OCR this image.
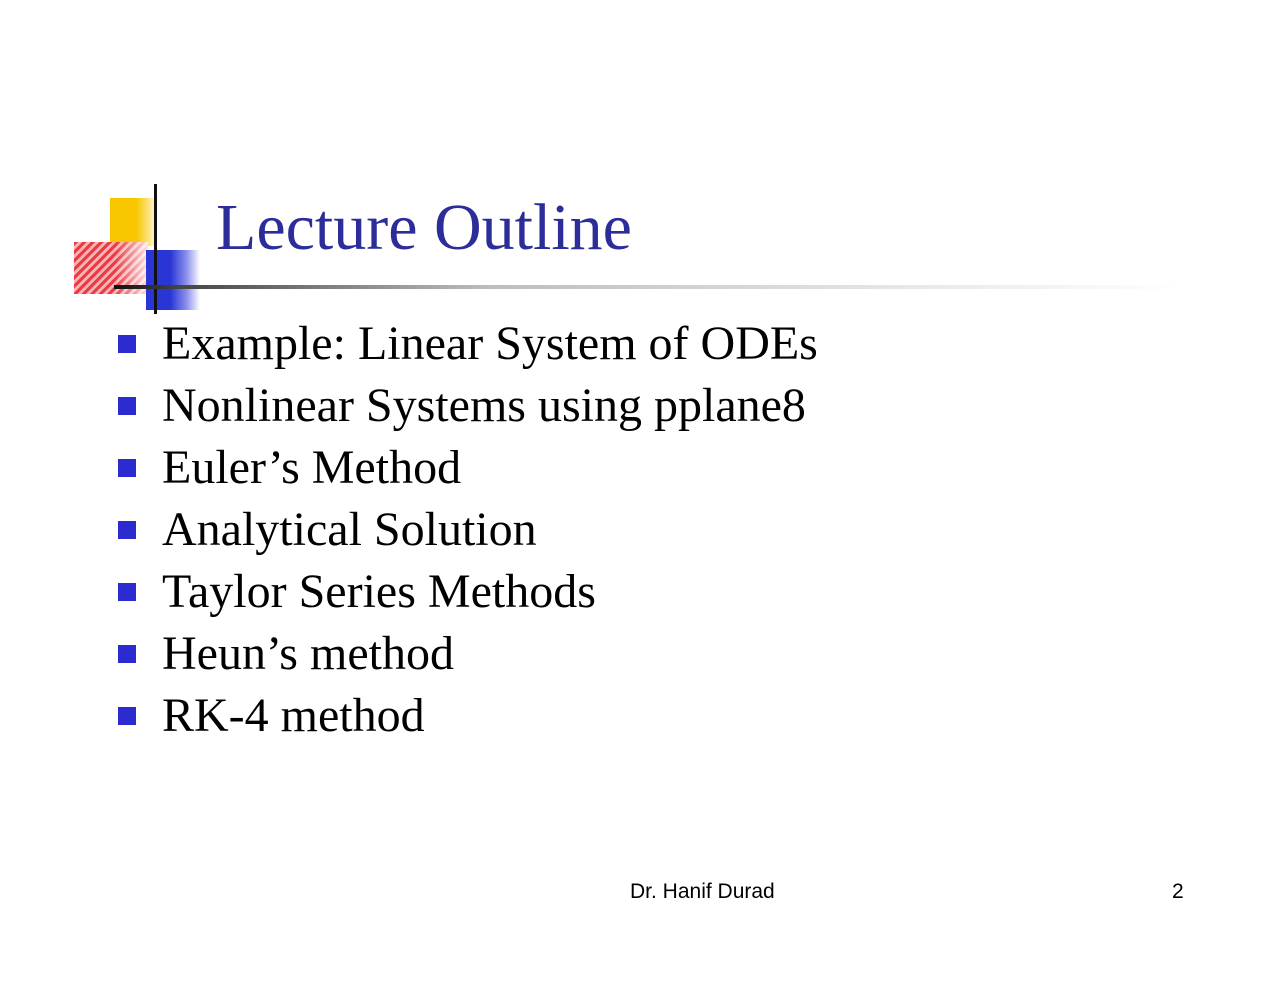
Lecture Outline
Example: Linear System of ODEs
Nonlinear Systems using pplane8
Euler’s Method
Analytical Solution
Taylor Series Methods
Heun’s method
RK-4 method
Dr. Hanif Durad	2
